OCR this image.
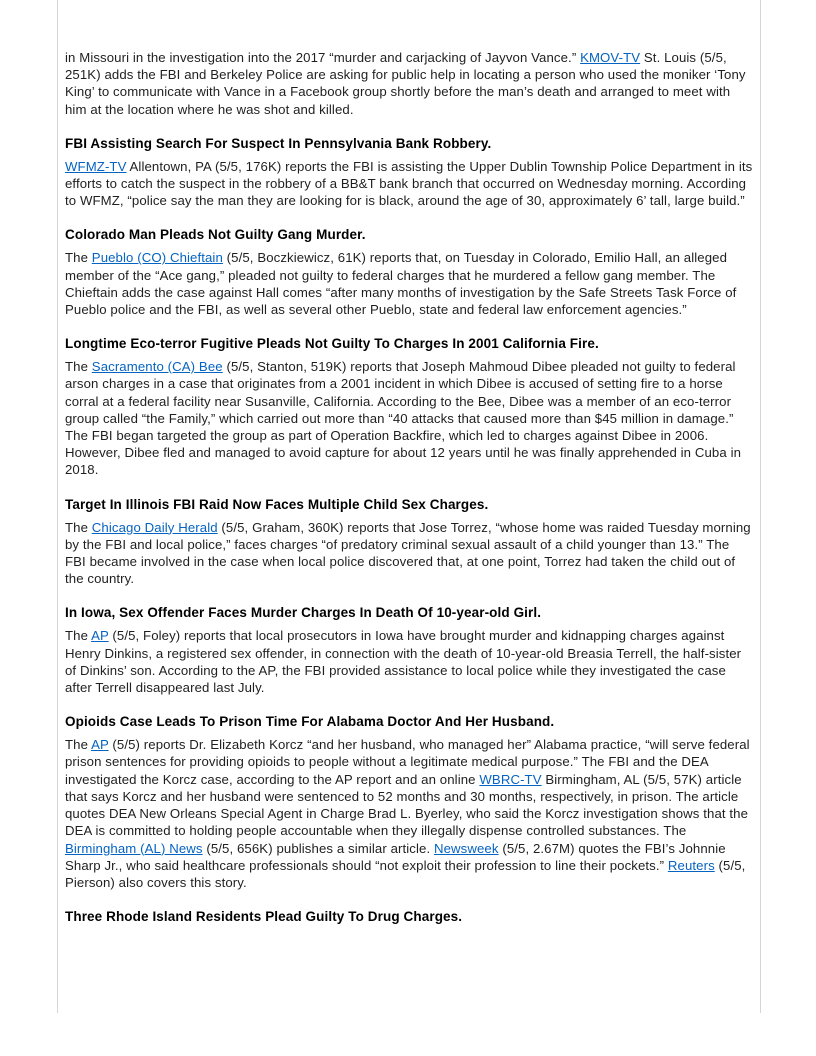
in Missouri in the investigation into the 2017 “murder and carjacking of Jayvon Vance.” KMOV-TV St. Louis (5/5, 251K) adds the FBI and Berkeley Police are asking for public help in locating a person who used the moniker ‘Tony King’ to communicate with Vance in a Facebook group shortly before the man’s death and arranged to meet with him at the location where he was shot and killed.

FBI Assisting Search For Suspect In Pennsylvania Bank Robbery.

WFMZ-TV Allentown, PA (5/5, 176K) reports the FBI is assisting the Upper Dublin Township Police Department in its efforts to catch the suspect in the robbery of a BB&T bank branch that occurred on Wednesday morning. According to WFMZ, “police say the man they are looking for is black, around the age of 30, approximately 6’ tall, large build.”

Colorado Man Pleads Not Guilty Gang Murder.

The Pueblo (CO) Chieftain (5/5, Boczkiewicz, 61K) reports that, on Tuesday in Colorado, Emilio Hall, an alleged member of the “Ace gang,” pleaded not guilty to federal charges that he murdered a fellow gang member. The Chieftain adds the case against Hall comes “after many months of investigation by the Safe Streets Task Force of Pueblo police and the FBI, as well as several other Pueblo, state and federal law enforcement agencies.”

Longtime Eco-terror Fugitive Pleads Not Guilty To Charges In 2001 California Fire.

The Sacramento (CA) Bee (5/5, Stanton, 519K) reports that Joseph Mahmoud Dibee pleaded not guilty to federal arson charges in a case that originates from a 2001 incident in which Dibee is accused of setting fire to a horse corral at a federal facility near Susanville, California. According to the Bee, Dibee was a member of an eco-terror group called “the Family,” which carried out more than “40 attacks that caused more than $45 million in damage.” The FBI began targeted the group as part of Operation Backfire, which led to charges against Dibee in 2006. However, Dibee fled and managed to avoid capture for about 12 years until he was finally apprehended in Cuba in 2018.

Target In Illinois FBI Raid Now Faces Multiple Child Sex Charges.

The Chicago Daily Herald (5/5, Graham, 360K) reports that Jose Torrez, “whose home was raided Tuesday morning by the FBI and local police,” faces charges “of predatory criminal sexual assault of a child younger than 13.” The FBI became involved in the case when local police discovered that, at one point, Torrez had taken the child out of the country.

In Iowa, Sex Offender Faces Murder Charges In Death Of 10-year-old Girl.

The AP (5/5, Foley) reports that local prosecutors in Iowa have brought murder and kidnapping charges against Henry Dinkins, a registered sex offender, in connection with the death of 10-year-old Breasia Terrell, the half-sister of Dinkins’ son. According to the AP, the FBI provided assistance to local police while they investigated the case after Terrell disappeared last July.

Opioids Case Leads To Prison Time For Alabama Doctor And Her Husband.

The AP (5/5) reports Dr. Elizabeth Korcz “and her husband, who managed her” Alabama practice, “will serve federal prison sentences for providing opioids to people without a legitimate medical purpose.” The FBI and the DEA investigated the Korcz case, according to the AP report and an online WBRC-TV Birmingham, AL (5/5, 57K) article that says Korcz and her husband were sentenced to 52 months and 30 months, respectively, in prison. The article quotes DEA New Orleans Special Agent in Charge Brad L. Byerley, who said the Korcz investigation shows that the DEA is committed to holding people accountable when they illegally dispense controlled substances. The Birmingham (AL) News (5/5, 656K) publishes a similar article. Newsweek (5/5, 2.67M) quotes the FBI’s Johnnie Sharp Jr., who said healthcare professionals should “not exploit their profession to line their pockets.” Reuters (5/5, Pierson) also covers this story.

Three Rhode Island Residents Plead Guilty To Drug Charges.
